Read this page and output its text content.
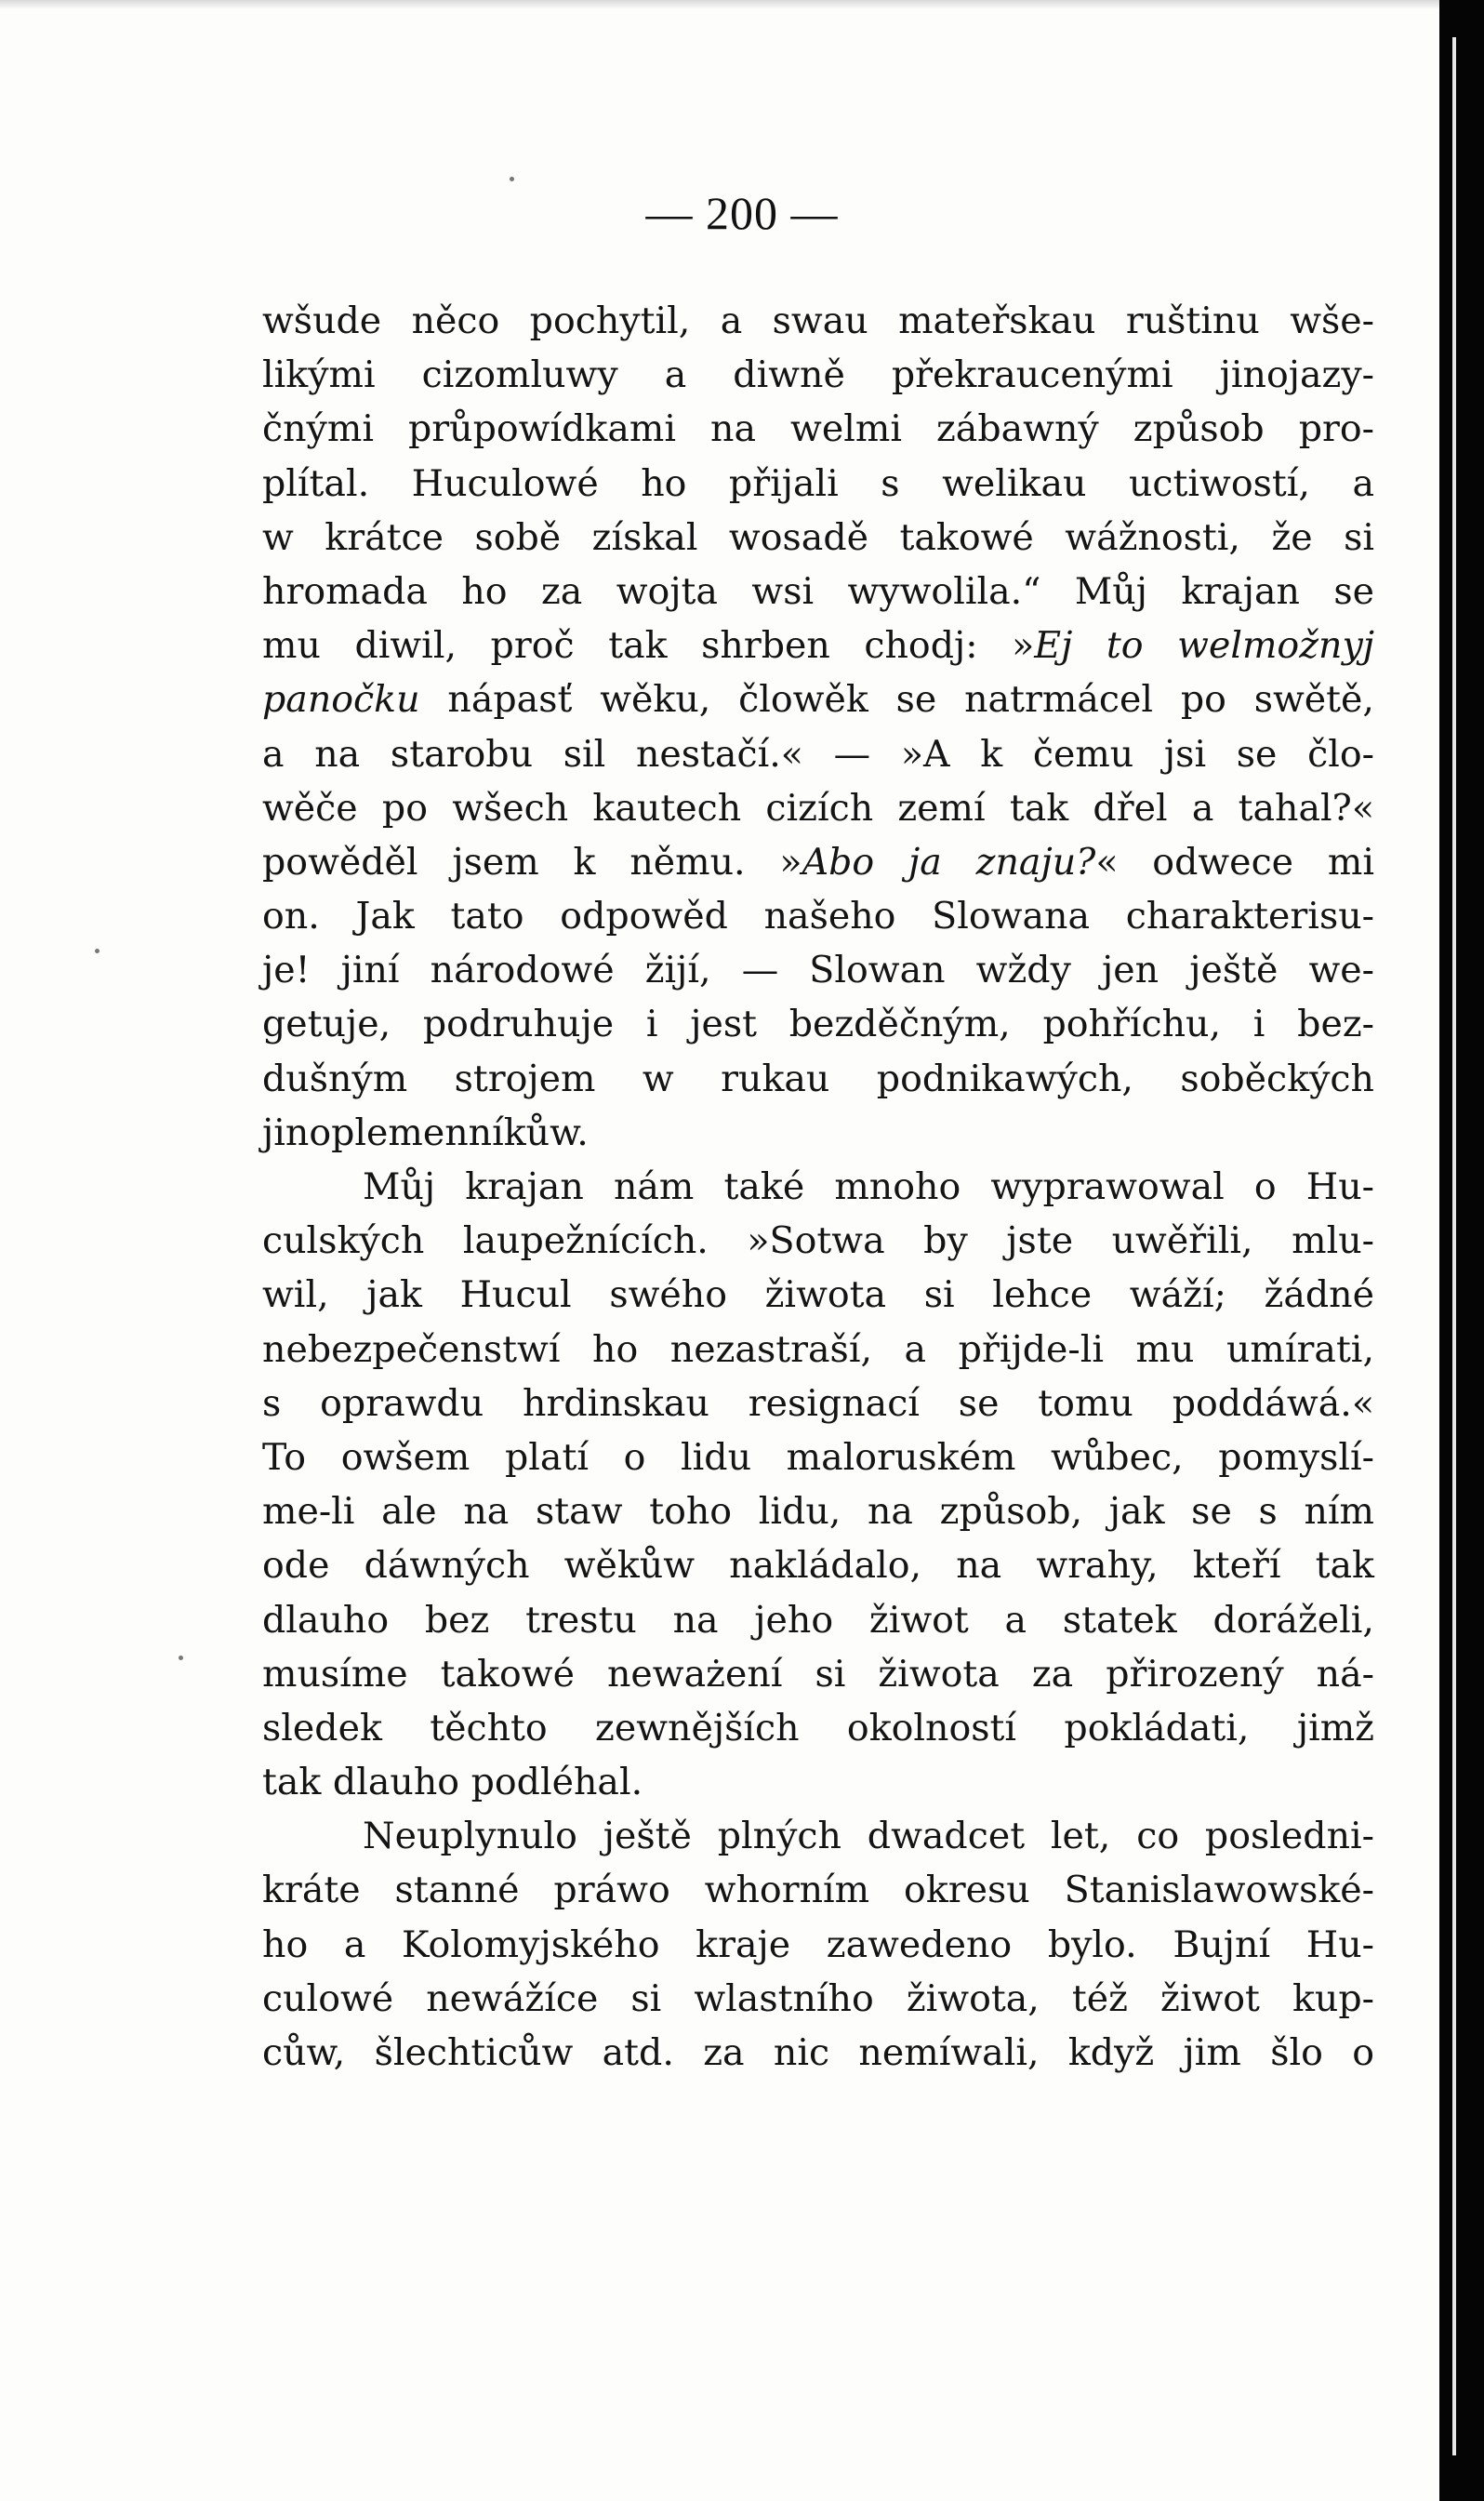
— 200 —
wšude něco pochytil, a swau mateřskau ruštinu wše-
likými cizomluwy a diwně překraucenými jinojazy-
čnými průpowídkami na welmi zábawný způsob pro-
plítal. Huculowé ho přijali s welikau uctiwostí, a
w krátce sobě získal wosadě takowé wážnosti, že si
hromada ho za wojta wsi wywolila.“ Můj krajan se
mu diwil, proč tak shrben chodj: »Ej to welmožnyj
panočku nápasť wěku, člowěk se natrmácel po swětě,
a na starobu sil nestačí.« — »A k čemu jsi se člo-
wěče po wšech kautech cizích zemí tak dřel a tahal?«
powěděl jsem k němu. »Abo ja znaju?« odwece mi
on. Jak tato odpowěd našeho Slowana charakterisu-
je! jiní národowé žijí, — Slowan wždy jen ještě we-
getuje, podruhuje i jest bezděčným, pohříchu, i bez-
dušným strojem w rukau podnikawých, soběckých
jinoplemenníkůw.
Můj krajan nám také mnoho wyprawowal o Hu-
culských laupežnících. »Sotwa by jste uwěřili, mlu-
wil, jak Hucul swého žiwota si lehce wáží; žádné
nebezpečenstwí ho nezastraší, a přijde-li mu umírati,
s oprawdu hrdinskau resignací se tomu poddáwá.«
To owšem platí o lidu maloruském wůbec, pomyslí-
me-li ale na staw toho lidu, na způsob, jak se s ním
ode dáwných wěkůw nakládalo, na wrahy, kteří tak
dlauho bez trestu na jeho žiwot a statek doráželi,
musíme takowé neważení si žiwota za přirozený ná-
sledek těchto zewnějších okolností pokládati, jimž
tak dlauho podléhal.
Neuplynulo ještě plných dwadcet let, co posledni-
kráte stanné práwo whorním okresu Stanislawowské-
ho a Kolomyjského kraje zawedeno bylo. Bujní Hu-
culowé newážíce si wlastního žiwota, též žiwot kup-
cůw, šlechticůw atd. za nic nemíwali, když jim šlo o
